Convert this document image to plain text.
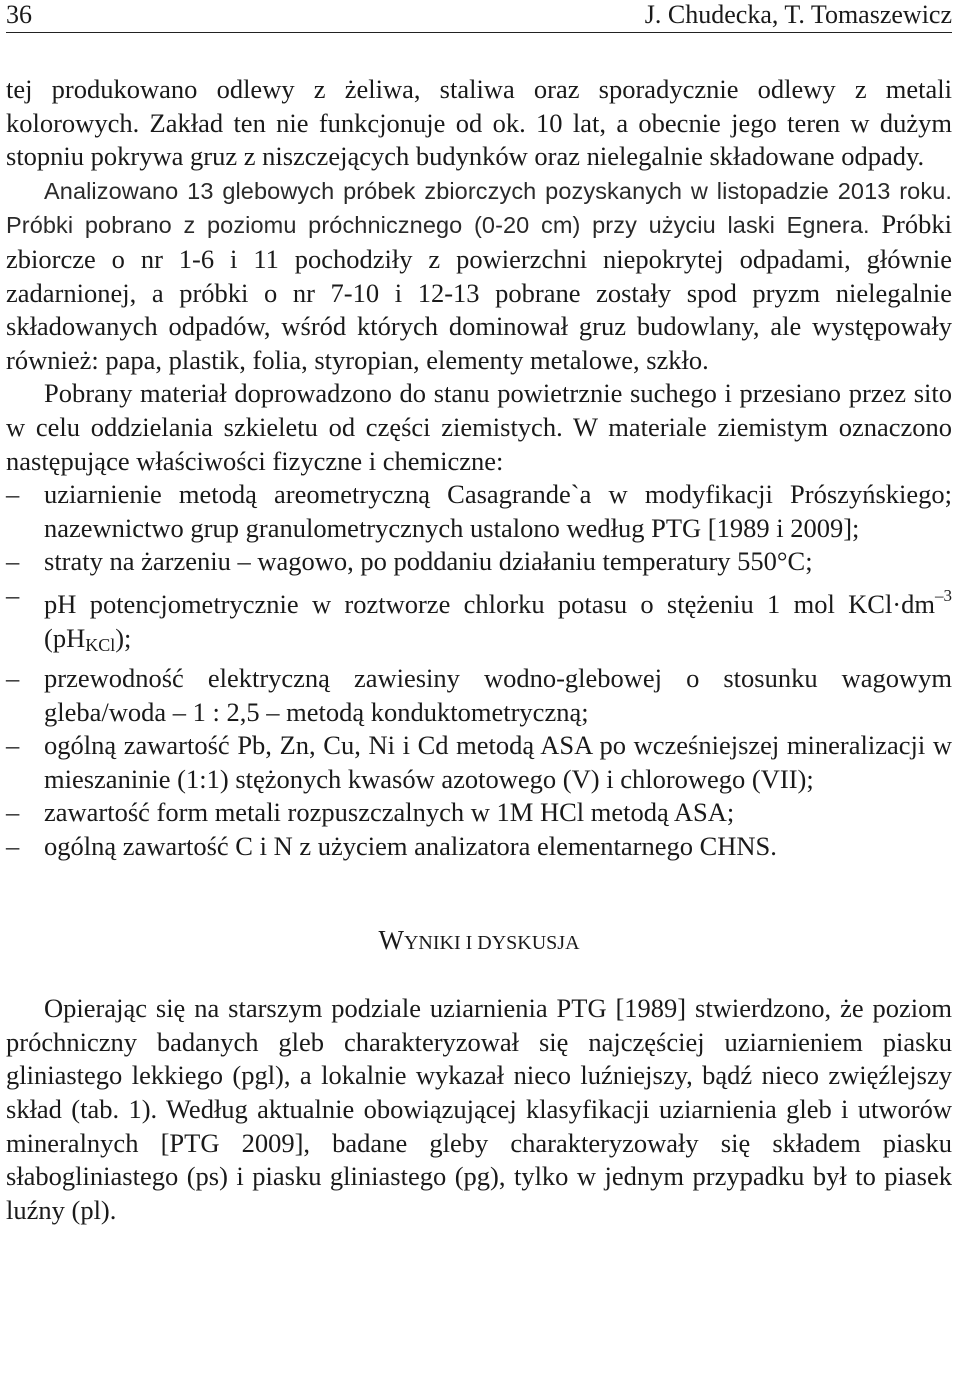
36	J. Chudecka, T. Tomaszewicz

tej produkowano odlewy z żeliwa, staliwa oraz sporadycznie odlewy z metali kolorowych. Zakład ten nie funkcjonuje od ok. 10 lat, a obecnie jego teren w dużym stopniu pokrywa gruz z niszczejących budynków oraz nielegalnie składowane odpady.

Analizowano 13 glebowych próbek zbiorczych pozyskanych w listopadzie 2013 roku. Próbki pobrano z poziomu próchnicznego (0-20 cm) przy użyciu laski Egnera. Próbki zbiorcze o nr 1-6 i 11 pochodziły z powierzchni niepokrytej odpadami, głównie zadarnionej, a próbki o nr 7-10 i 12-13 pobrane zostały spod pryzm nielegalnie składowanych odpadów, wśród których dominował gruz budowlany, ale występowały również: papa, plastik, folia, styropian, elementy metalowe, szkło.

Pobrany materiał doprowadzono do stanu powietrznie suchego i przesiano przez sito w celu oddzielania szkieletu od części ziemistych. W materiale ziemistym oznaczono następujące właściwości fizyczne i chemiczne:

– uziarnienie metodą areometryczną Casagrande`a w modyfikacji Prószyńskiego; nazewnictwo grup granulometrycznych ustalono według PTG [1989 i 2009];
– straty na żarzeniu – wagowo, po poddaniu działaniu temperatury 550°C;
– pH potencjometrycznie w roztworze chlorku potasu o stężeniu 1 mol $KCl\cdot dm^{-3}$ $(pH_{KCl})$;
– przewodność elektryczną zawiesiny wodno-glebowej o stosunku wagowym gleba/woda – 1 : 2,5 – metodą konduktometryczną;
– ogólną zawartość Pb, Zn, Cu, Ni i Cd metodą ASA po wcześniejszej mineralizacji w mieszaninie (1:1) stężonych kwasów azotowego (V) i chlorowego (VII);
– zawartość form metali rozpuszczalnych w 1M HCl metodą ASA;
– ogólną zawartość C i N z użyciem analizatora elementarnego CHNS.
WYNIKI I DYSKUSJA

Opierając się na starszym podziale uziarnienia PTG [1989] stwierdzono, że poziom próchniczny badanych gleb charakteryzował się najczęściej uziarnieniem piasku gliniastego lekkiego (pgl), a lokalnie wykazał nieco luźniejszy, bądź nieco zwięźlejszy skład (tab. 1). Według aktualnie obowiązującej klasyfikacji uziarnienia gleb i utworów mineralnych [PTG 2009], badane gleby charakteryzowały się składem piasku słabogliniastego (ps) i piasku gliniastego (pg), tylko w jednym przypadku był to piasek luźny (pl).
